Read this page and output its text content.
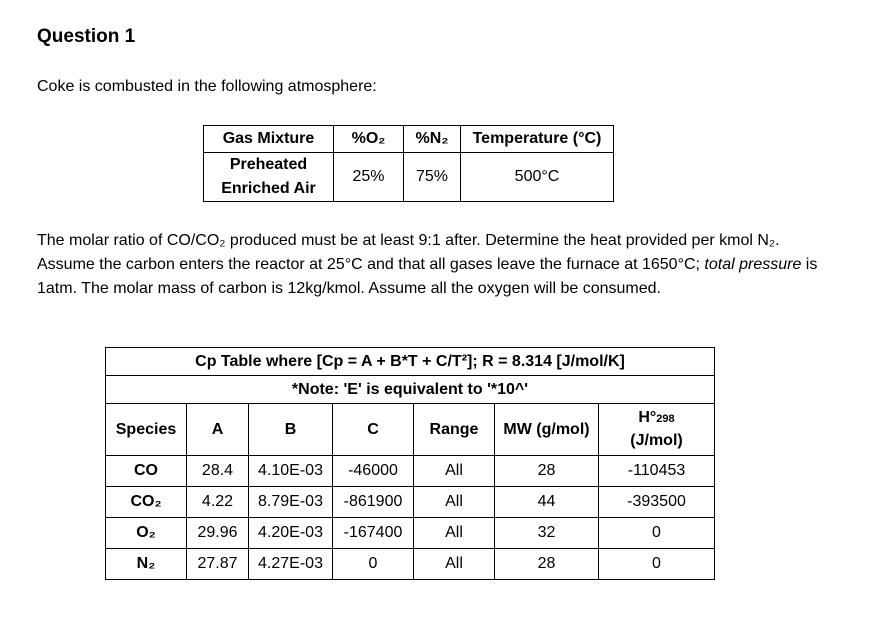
Question 1
Coke is combusted in the following atmosphere:
Gas Mixture	%O₂	%N₂	Temperature (°C)

Preheated
Enriched Air	25%	75%	500°C
The molar ratio of CO/CO₂ produced must be at least 9:1 after. Determine the heat provided per kmol N₂. Assume the carbon enters the reactor at 25°C and that all gases leave the furnace at 1650°C; total pressure is 1atm. The molar mass of carbon is 12kg/kmol. Assume all the oxygen will be consumed.
Cp Table where [Cp = A + B*T + C/T²]; R = 8.314 [J/mol/K]						
*Note: 'E' is equivalent to '*10^'						
Species	A	B	C	Range	MW (g/mol)	H°298
(J/mol)

CO	28.4	4.10E-03	-46000	All	28	-110453
CO₂	4.22	8.79E-03	-861900	All	44	-393500
O₂	29.96	4.20E-03	-167400	All	32	0
N₂	27.87	4.27E-03	0	All	28	0
